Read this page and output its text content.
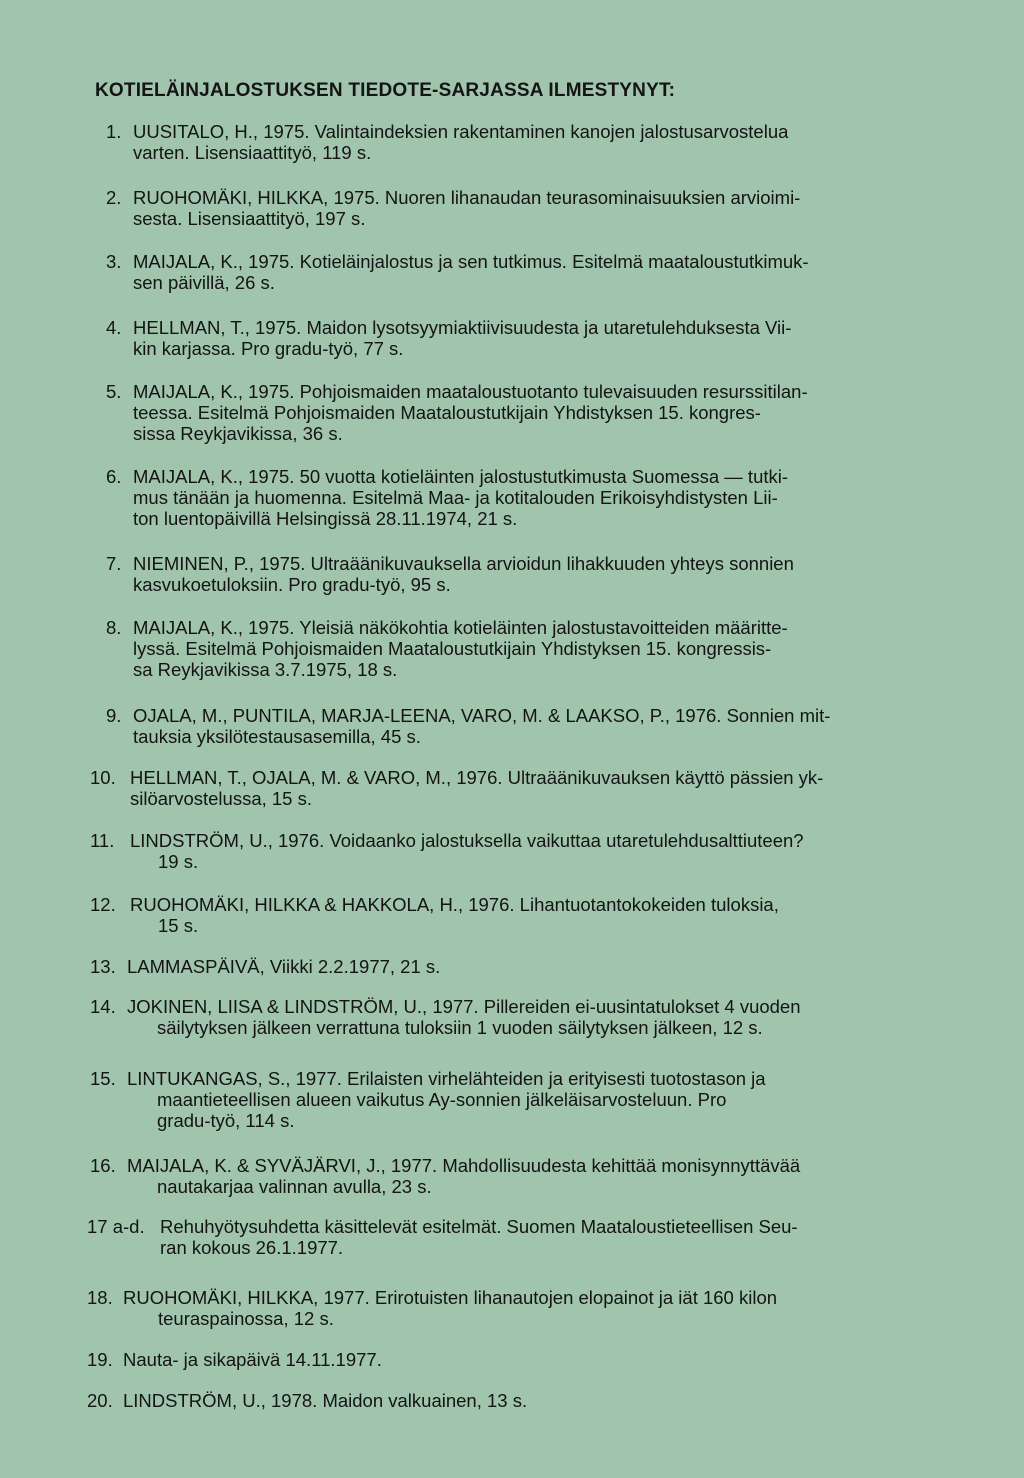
KOTIELÄINJALOSTUKSEN TIEDOTE-SARJASSA ILMESTYNYT:
1. UUSITALO, H., 1975. Valintaindeksien rakentaminen kanojen jalostusarvostelua
varten. Lisensiaattityö, 119 s.
2. RUOHOMÄKI, HILKKA, 1975. Nuoren lihanaudan teurasominaisuuksien arvioimi-
sesta. Lisensiaattityö, 197 s.
3. MAIJALA, K., 1975. Kotieläinjalostus ja sen tutkimus. Esitelmä maataloustutkimuk-
sen päivillä, 26 s.
4. HELLMAN, T., 1975. Maidon lysotsyymiaktiivisuudesta ja utaretulehduksesta Vii-
kin karjassa. Pro gradu-työ, 77 s.
5. MAIJALA, K., 1975. Pohjoismaiden maataloustuotanto tulevaisuuden resurssitilan-
teessa. Esitelmä Pohjoismaiden Maataloustutkijain Yhdistyksen 15. kongres-
sissa Reykjavikissa, 36 s.
6. MAIJALA, K., 1975. 50 vuotta kotieläinten jalostustutkimusta Suomessa — tutki-
mus tänään ja huomenna. Esitelmä Maa- ja kotitalouden Erikoisyhdistysten Lii-
ton luentopäivillä Helsingissä 28.11.1974, 21 s.
7. NIEMINEN, P., 1975. Ultraäänikuvauksella arvioidun lihakkuuden yhteys sonnien
kasvukoetuloksiin. Pro gradu-työ, 95 s.
8. MAIJALA, K., 1975. Yleisiä näkökohtia kotieläinten jalostustavoitteiden määritte-
lyssä. Esitelmä Pohjoismaiden Maataloustutkijain Yhdistyksen 15. kongressis-
sa Reykjavikissa 3.7.1975, 18 s.
9. OJALA, M., PUNTILA, MARJA-LEENA, VARO, M. & LAAKSO, P., 1976. Sonnien mit-
tauksia yksilötestausasemilla, 45 s.
10. HELLMAN, T., OJALA, M. & VARO, M., 1976. Ultraäänikuvauksen käyttö pässien yk-
silöarvostelussa, 15 s.
11. LINDSTRÖM, U., 1976. Voidaanko jalostuksella vaikuttaa utaretulehdusalttiuteen?
19 s.
12. RUOHOMÄKI, HILKKA & HAKKOLA, H., 1976. Lihantuotantokokeiden tuloksia,
15 s.
13. LAMMASPÄIVÄ, Viikki 2.2.1977, 21 s.
14. JOKINEN, LIISA & LINDSTRÖM, U., 1977. Pillereiden ei-uusintatulokset 4 vuoden
säilytyksen jälkeen verrattuna tuloksiin 1 vuoden säilytyksen jälkeen, 12 s.
15. LINTUKANGAS, S., 1977. Erilaisten virhelähteiden ja erityisesti tuotostason ja
maantieteellisen alueen vaikutus Ay-sonnien jälkeläisarvosteluun. Pro
gradu-työ, 114 s.
16. MAIJALA, K. & SYVÄJÄRVI, J., 1977. Mahdollisuudesta kehittää monisynnyttävää
nautakarjaa valinnan avulla, 23 s.
17 a-d. Rehuhyötysuhdetta käsittelevät esitelmät. Suomen Maataloustieteellisen Seu-
ran kokous 26.1.1977.
18. RUOHOMÄKI, HILKKA, 1977. Erirotuisten lihanautojen elopainot ja iät 160 kilon
teuraspainossa, 12 s.
19. Nauta- ja sikapäivä 14.11.1977.
20. LINDSTRÖM, U., 1978. Maidon valkuainen, 13 s.
